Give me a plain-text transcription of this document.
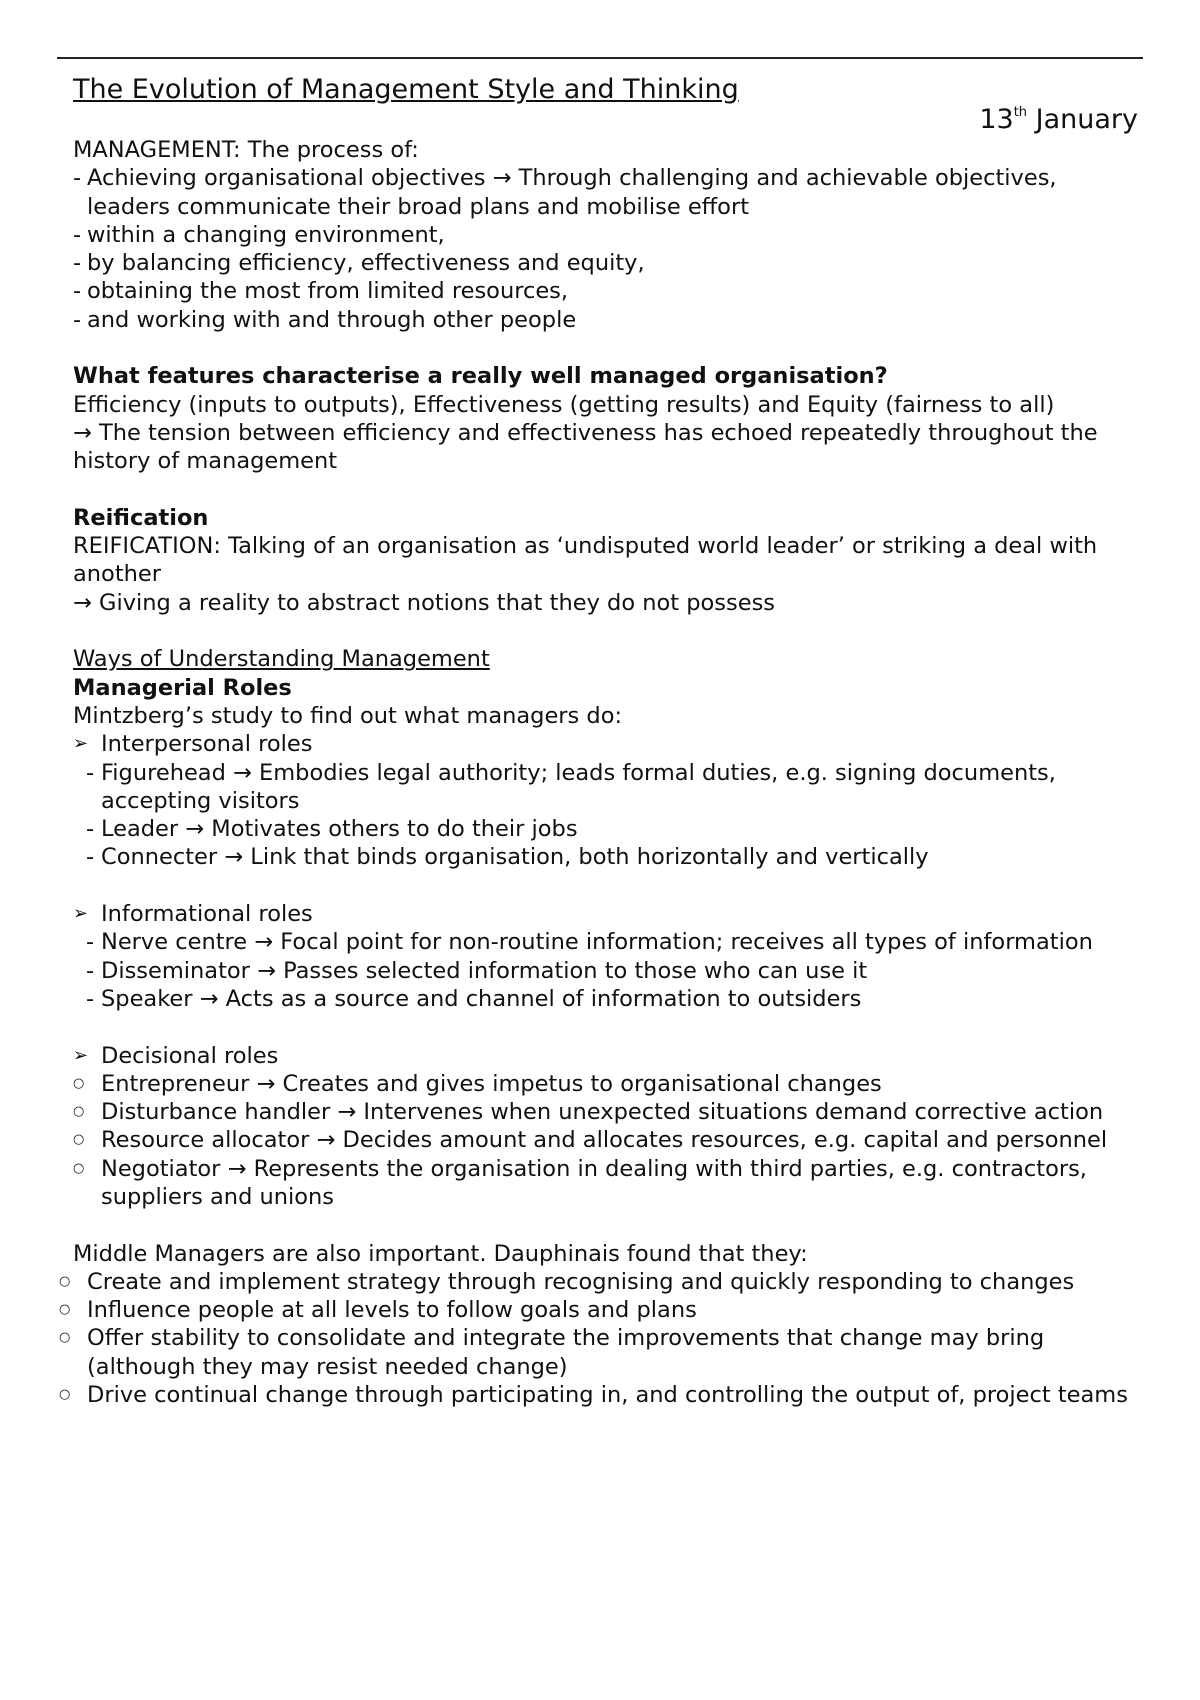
The Evolution of Management Style and Thinking

13th January

MANAGEMENT: The process of:

- Achieving organisational objectives → Through challenging and achievable objectives, leaders communicate their broad plans and mobilise effort
- within a changing environment,
- by balancing efficiency, effectiveness and equity,
- obtaining the most from limited resources,
- and working with and through other people

What features characterise a really well managed organisation?

Efficiency (inputs to outputs), Effectiveness (getting results) and Equity (fairness to all)

→ The tension between efficiency and effectiveness has echoed repeatedly throughout the history of management

Reification

REIFICATION: Talking of an organisation as ‘undisputed world leader’ or striking a deal with another

→ Giving a reality to abstract notions that they do not possess

Ways of Understanding Management

Managerial Roles

Mintzberg’s study to find out what managers do:

➢ Interpersonal roles

- Figurehead → Embodies legal authority; leads formal duties, e.g. signing documents, accepting visitors
- Leader → Motivates others to do their jobs
- Connecter → Link that binds organisation, both horizontally and vertically

➢ Informational roles

- Nerve centre → Focal point for non-routine information; receives all types of information
- Disseminator → Passes selected information to those who can use it
- Speaker → Acts as a source and channel of information to outsiders

➢ Decisional roles

○ Entrepreneur → Creates and gives impetus to organisational changes
○ Disturbance handler → Intervenes when unexpected situations demand corrective action
○ Resource allocator → Decides amount and allocates resources, e.g. capital and personnel
○ Negotiator → Represents the organisation in dealing with third parties, e.g. contractors, suppliers and unions

Middle Managers are also important. Dauphinais found that they:

○ Create and implement strategy through recognising and quickly responding to changes
○ Influence people at all levels to follow goals and plans
○ Offer stability to consolidate and integrate the improvements that change may bring (although they may resist needed change)
○ Drive continual change through participating in, and controlling the output of, project teams
